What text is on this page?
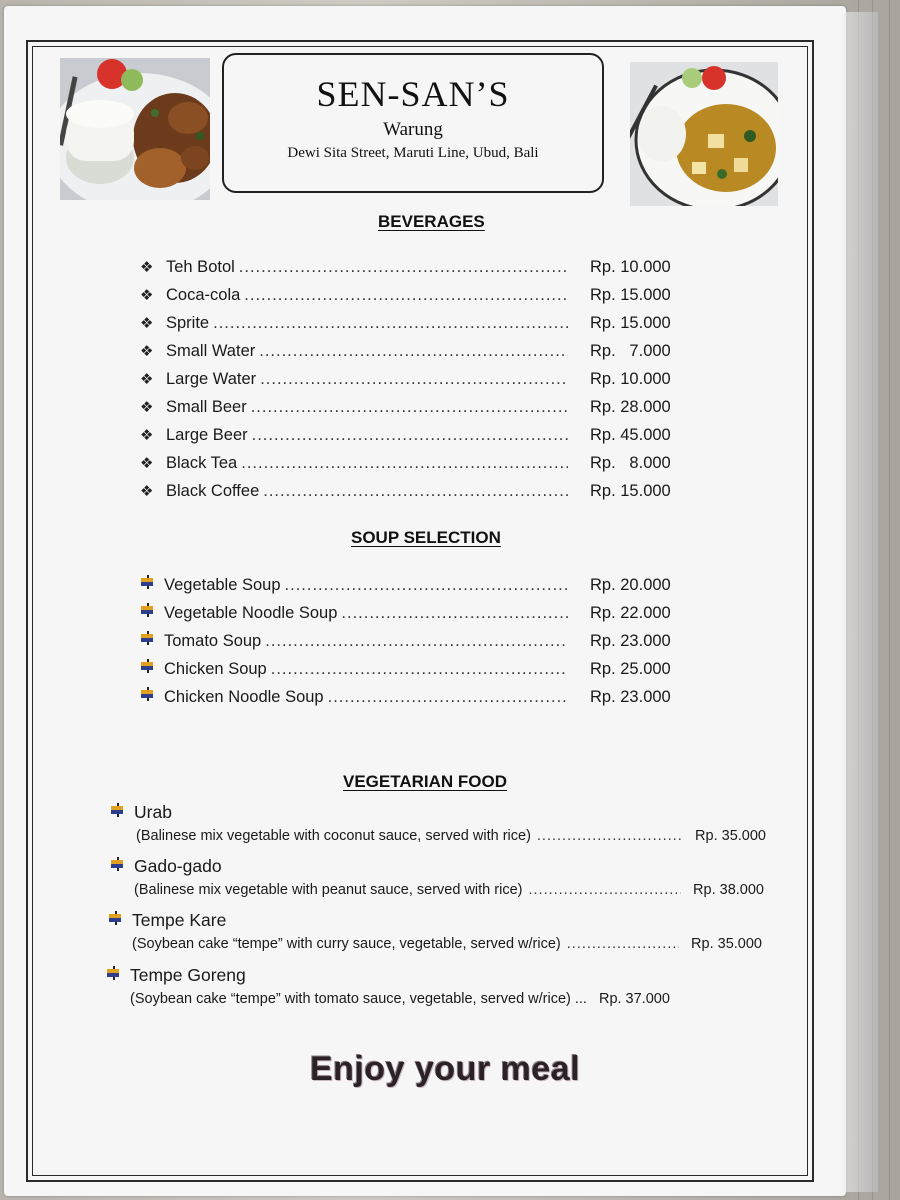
SEN-SAN’S
Warung
Dewi Sita Street, Maruti Line, Ubud, Bali
BEVERAGES
❖ Teh Botol .....	Rp. 10.000
❖ Coca-cola .....	Rp. 15.000
❖ Sprite .....	Rp. 15.000
❖ Small Water .....	Rp.   7.000
❖ Large Water .....	Rp. 10.000
❖ Small Beer .....	Rp. 28.000
❖ Large Beer .....	Rp. 45.000
❖ Black Tea .....	Rp.   8.000
❖ Black Coffee .....	Rp. 15.000
SOUP SELECTION
Vegetable Soup .....	Rp. 20.000
Vegetable Noodle Soup .....	Rp. 22.000
Tomato Soup .....	Rp. 23.000
Chicken Soup .....	Rp. 25.000
Chicken Noodle Soup .....	Rp. 23.000
VEGETARIAN FOOD
Urab
(Balinese mix vegetable with coconut sauce, served with rice) .....	Rp. 35.000
Gado-gado
(Balinese mix vegetable with peanut sauce, served with rice) .....	Rp. 38.000
Tempe Kare
(Soybean cake “tempe” with curry sauce, vegetable, served w/rice) .....	Rp. 35.000
Tempe Goreng
(Soybean cake “tempe” with tomato sauce, vegetable, served w/rice) ... Rp. 37.000
Enjoy your meal
